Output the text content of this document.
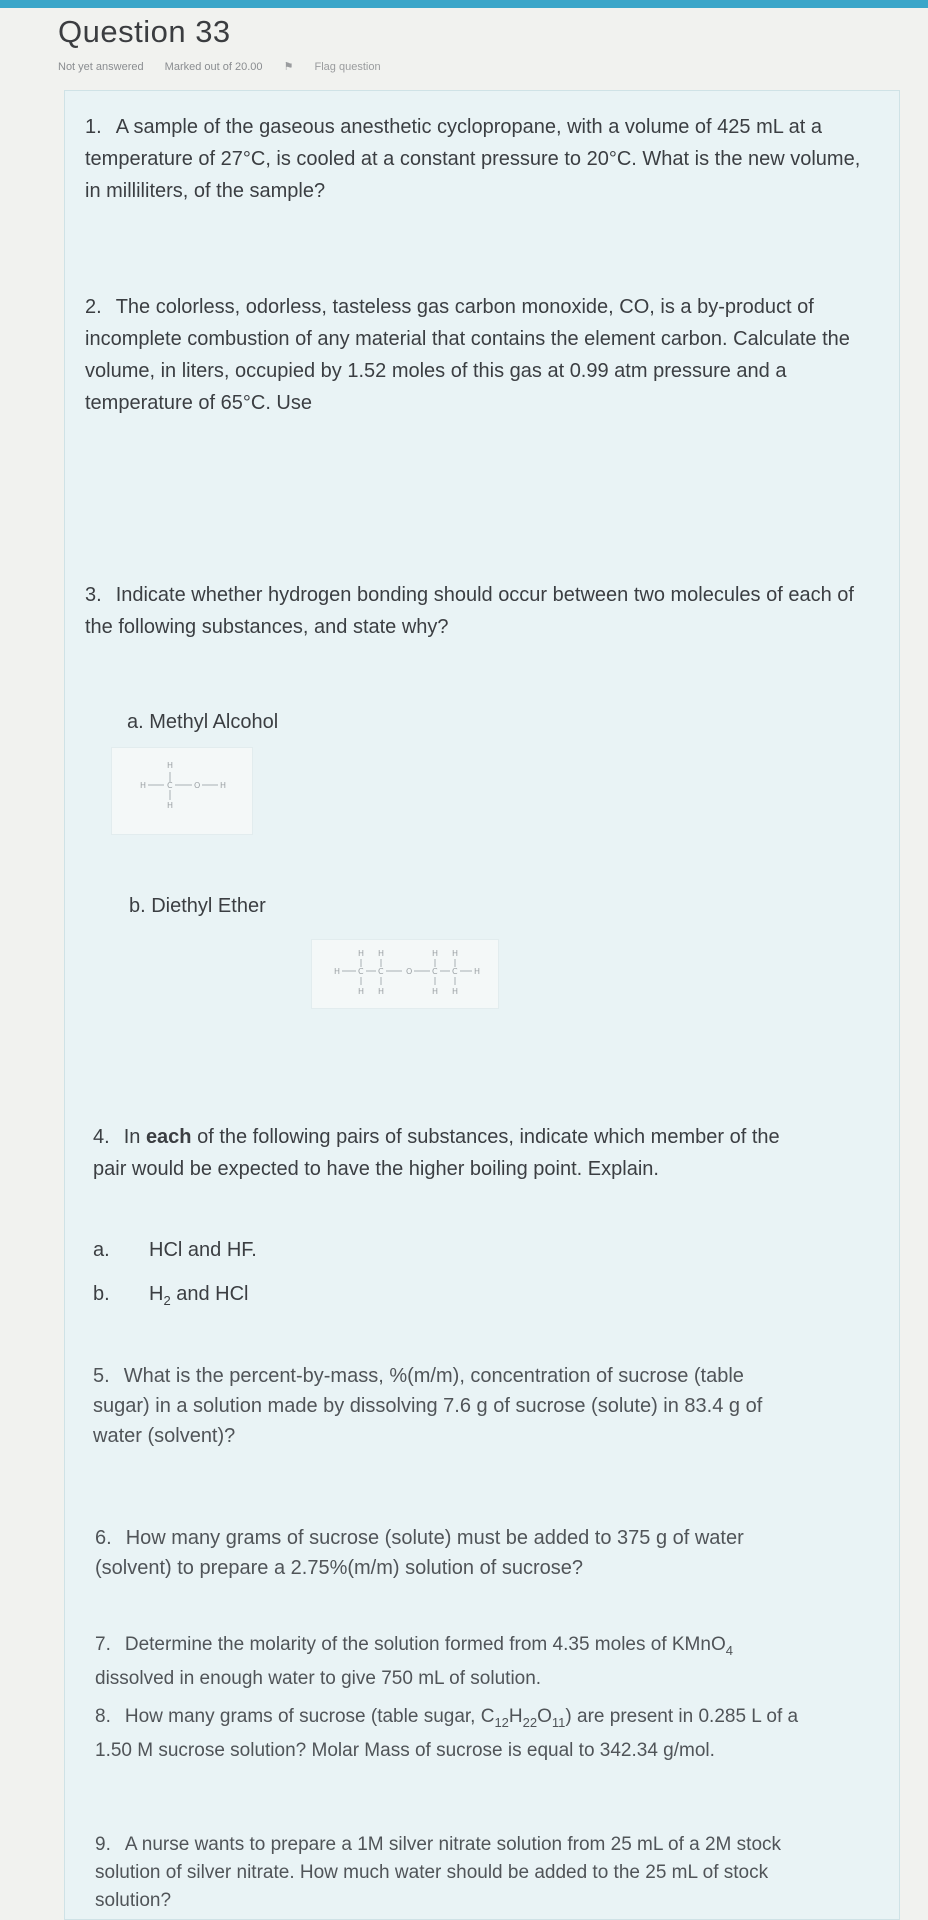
Question 33
Not yet answered Marked out of 20.00 ⚑ Flag question
1. A sample of the gaseous anesthetic cyclopropane, with a volume of 425 mL at a temperature of 27°C, is cooled at a constant pressure to 20°C. What is the new volume, in milliliters, of the sample?
2. The colorless, odorless, tasteless gas carbon monoxide, CO, is a by-product of incomplete combustion of any material that contains the element carbon. Calculate the volume, in liters, occupied by 1.52 moles of this gas at 0.99 atm pressure and a temperature of 65°C. Use
3. Indicate whether hydrogen bonding should occur between two molecules of each of the following substances, and state why?
a. Methyl Alcohol
H
H	C	O H
H
b. Diethyl Ether
H H	H H
H C C	O C C H
H H	H H
4. In each of the following pairs of substances, indicate which member of the pair would be expected to have the higher boiling point. Explain.
a. HCl and HF.
b. $H_2$ and HCl
5. What is the percent-by-mass, %(m/m), concentration of sucrose (table sugar) in a solution made by dissolving 7.6 g of sucrose (solute) in 83.4 g of water (solvent)?
6. How many grams of sucrose (solute) must be added to 375 g of water (solvent) to prepare a 2.75%(m/m) solution of sucrose?
7. Determine the molarity of the solution formed from 4.35 moles of KMnO$_4$ dissolved in enough water to give 750 mL of solution.
8. How many grams of sucrose (table sugar, $C_{12}H_{22}O_{11}$) are present in 0.285 L of a 1.50 M sucrose solution? Molar Mass of sucrose is equal to 342.34 g/mol.
9. A nurse wants to prepare a 1M silver nitrate solution from 25 mL of a 2M stock solution of silver nitrate. How much water should be added to the 25 mL of stock solution?
